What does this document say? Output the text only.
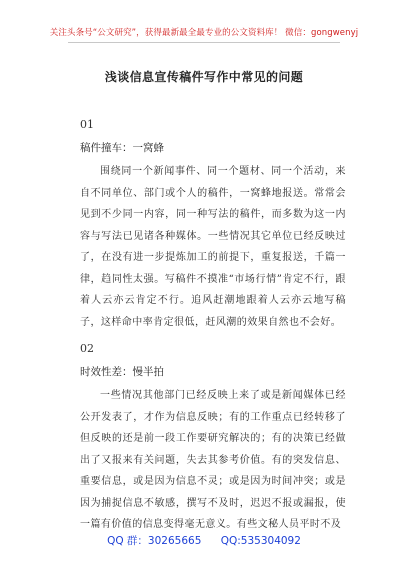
关注头条号“公文研究”，获得最新最全最专业的公文资料库！ 微信：gongwenyj
浅谈信息宣传稿件写作中常见的问题

01

稿件撞车：一窝蜂

围绕同一个新闻事件、同一个题材、同一个活动，来自不同单位、部门或个人的稿件，一窝蜂地报送。常常会见到不少同一内容，同一种写法的稿件，而多数为这一内容与写法已见诸各种媒体。一些情况其它单位已经反映过了，在没有进一步提炼加工的前提下，重复报送，千篇一律，趋同性太强。写稿件不摸准“市场行情”肯定不行，跟着人云亦云肯定不行。追风赶潮地跟着人云亦云地写稿子，这样命中率肯定很低，赶风潮的效果自然也不会好。

02

时效性差：慢半拍

一些情况其他部门已经反映上来了或是新闻媒体已经公开发表了，才作为信息反映；有的工作重点已经转移了但反映的还是前一段工作要研究解决的；有的决策已经做出了又报来有关问题，失去其参考价值。有的突发信息、重要信息，或是因为信息不灵；或是因为时间冲突；或是因为捕捉信息不敏感，撰写不及时，迟迟不报或漏报，使一篇有价值的信息变得毫无意义。有些文秘人员平时不及

QQ 群：30265665 QQ:535304092
